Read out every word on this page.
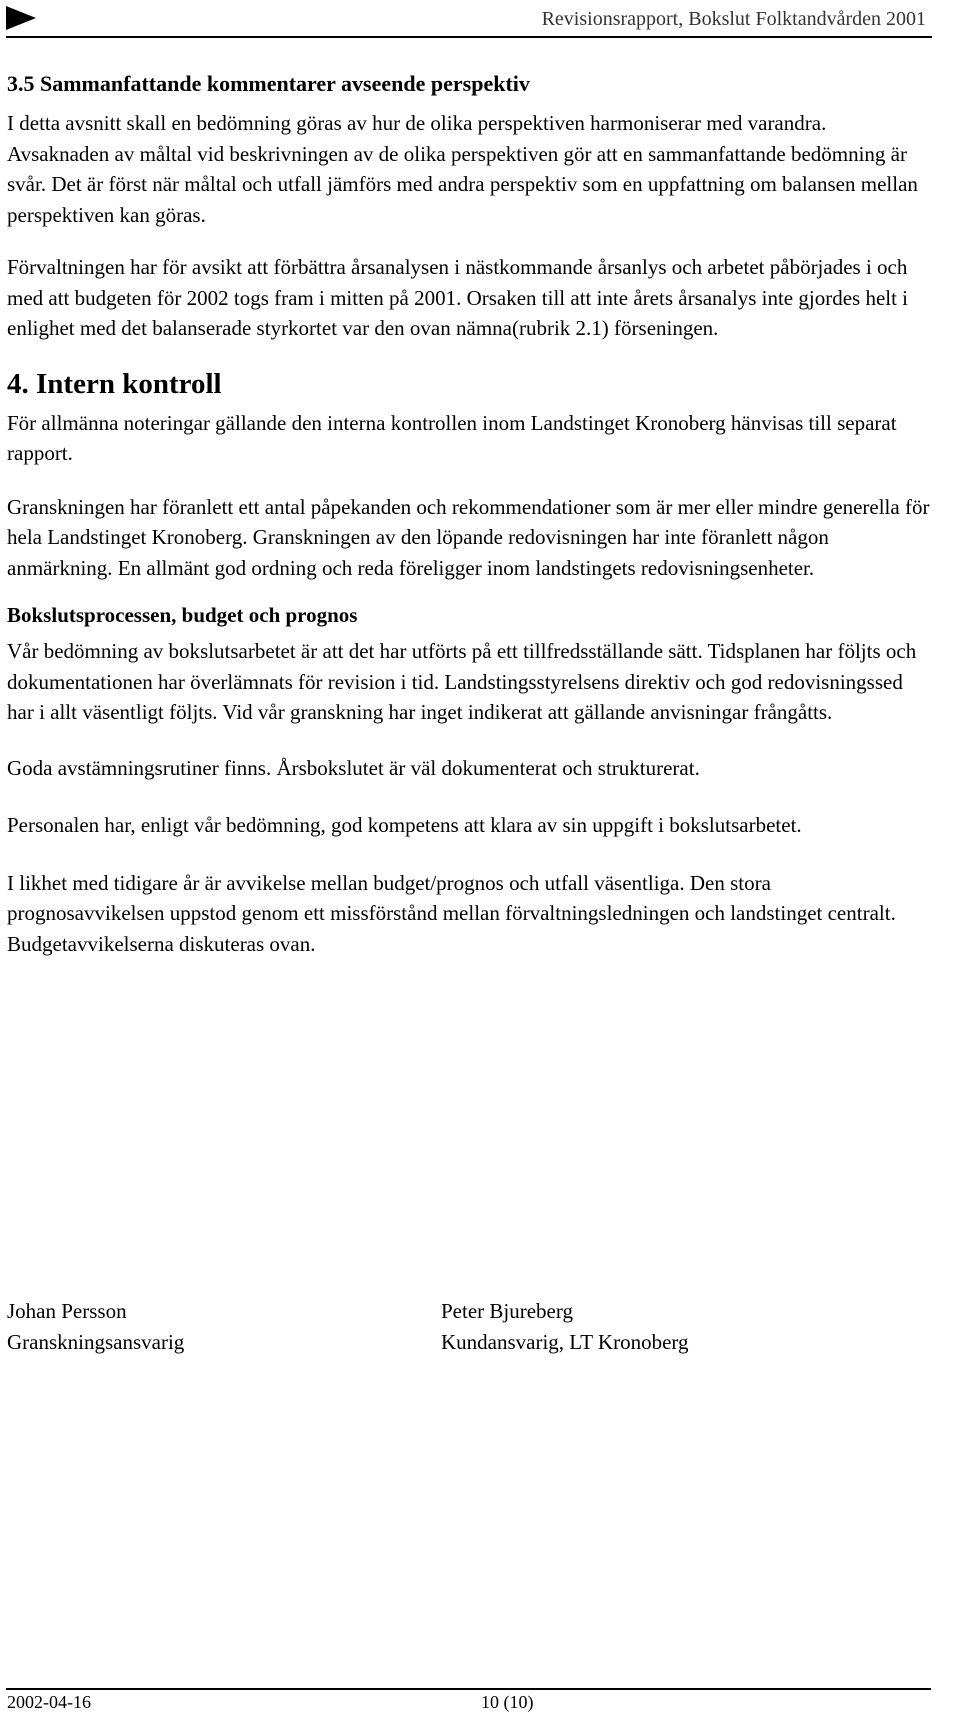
Revisionsrapport, Bokslut Folktandvården 2001
3.5 Sammanfattande kommentarer avseende perspektiv

I detta avsnitt skall en bedömning göras av hur de olika perspektiven harmoniserar med varandra. Avsaknaden av måltal vid beskrivningen av de olika perspektiven gör att en sammanfattande bedömning är svår. Det är först när måltal och utfall jämförs med andra perspektiv som en uppfattning om balansen mellan perspektiven kan göras.

Förvaltningen har för avsikt att förbättra årsanalysen i nästkommande årsanlys och arbetet påbörjades i och med att budgeten för 2002 togs fram i mitten på 2001. Orsaken till att inte årets årsanalys inte gjordes helt i enlighet med det balanserade styrkortet var den ovan nämna(rubrik 2.1) förseningen.

4. Intern kontroll

För allmänna noteringar gällande den interna kontrollen inom Landstinget Kronoberg hänvisas till separat rapport.

Granskningen har föranlett ett antal påpekanden och rekommendationer som är mer eller mindre generella för hela Landstinget Kronoberg. Granskningen av den löpande redovisningen har inte föranlett någon anmärkning. En allmänt god ordning och reda föreligger inom landstingets redovisningsenheter.

Bokslutsprocessen, budget och prognos

Vår bedömning av bokslutsarbetet är att det har utförts på ett tillfredsställande sätt. Tidsplanen har följts och dokumentationen har överlämnats för revision i tid. Landstingsstyrelsens direktiv och god redovisningssed har i allt väsentligt följts. Vid vår granskning har inget indikerat att gällande anvisningar frångåtts.

Goda avstämningsrutiner finns. Årsbokslutet är väl dokumenterat och strukturerat.

Personalen har, enligt vår bedömning, god kompetens att klara av sin uppgift i bokslutsarbetet.

I likhet med tidigare år är avvikelse mellan budget/prognos och utfall väsentliga. Den stora prognosavvikelsen uppstod genom ett missförstånd mellan förvaltningsledningen och landstinget centralt. Budgetavvikelserna diskuteras ovan.

Johan Persson
Granskningsansvarig
Peter Bjureberg
Kundansvarig, LT Kronoberg
2002-04-16	10 (10)
